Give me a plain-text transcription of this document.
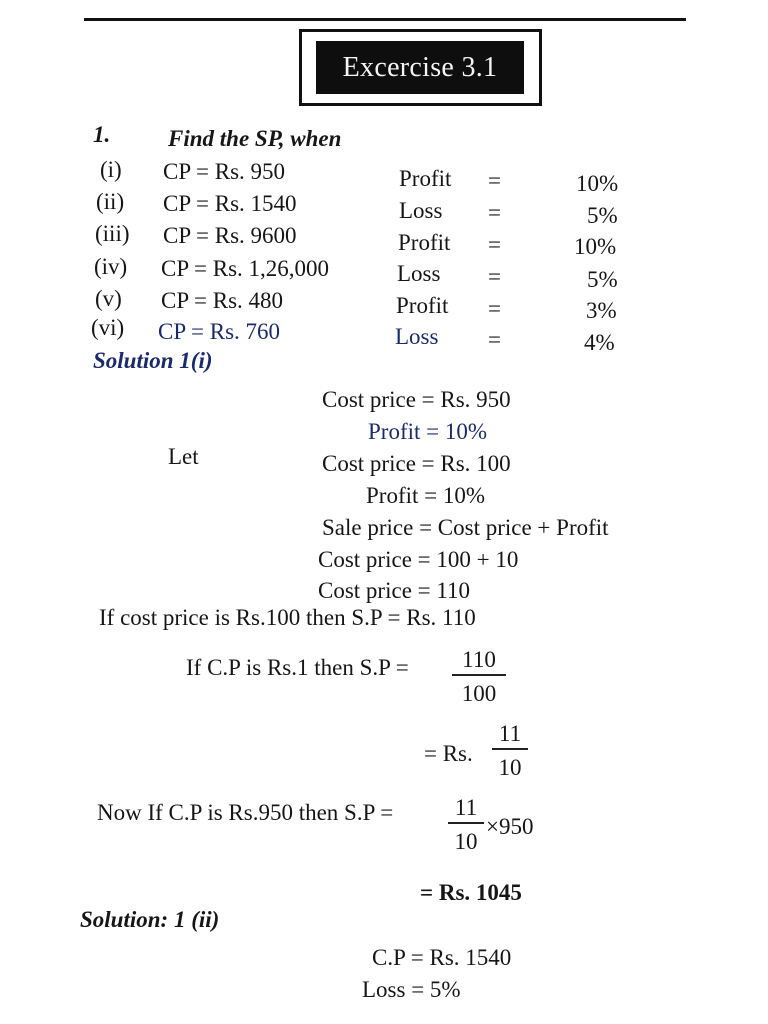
Excercise 3.1
1.	Find the SP, when
(i) CP = Rs. 950	Profit =	10%
(ii) CP = Rs. 1540	Loss =	5%
(iii) CP = Rs. 9600	Profit =	10%
(iv) CP = Rs. 1,26,000	Loss =	5%
(v) CP = Rs. 480	Profit =	3%
(vi) CP = Rs. 760	Loss =	4%
Solution 1(i)
Cost price = Rs. 950
Profit = 10%
Let	Cost price = Rs. 100
Profit = 10%
Sale price = Cost price + Profit
Cost price = 100 + 10
Cost price = 110
If cost price is Rs.100 then S.P = Rs. 110
If C.P is Rs.1 then S.P =	110
100
= Rs.
11
10
Now If C.P is Rs.950 then S.P =	11
10
×950
= Rs. 1045
Solution: 1 (ii)
C.P = Rs. 1540
Loss = 5%
